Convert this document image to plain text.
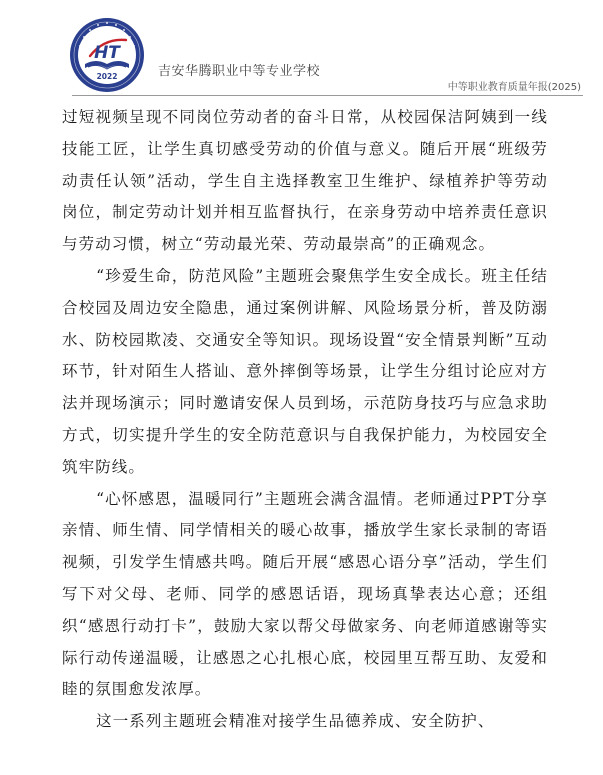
HT
2022	吉安华腾职业中等专业学校
中等职业教育质量年报(2025)

过短视频呈现不同岗位劳动者的奋斗日常，从校园保洁阿姨到一线技能工匠，让学生真切感受劳动的价值与意义。随后开展“班级劳动责任认领”活动，学生自主选择教室卫生维护、绿植养护等劳动岗位，制定劳动计划并相互监督执行，在亲身劳动中培养责任意识与劳动习惯，树立“劳动最光荣、劳动最崇高”的正确观念。

“珍爱生命，防范风险”主题班会聚焦学生安全成长。班主任结合校园及周边安全隐患，通过案例讲解、风险场景分析，普及防溺水、防校园欺凌、交通安全等知识。现场设置“安全情景判断”互动环节，针对陌生人搭讪、意外摔倒等场景，让学生分组讨论应对方法并现场演示；同时邀请安保人员到场，示范防身技巧与应急求助方式，切实提升学生的安全防范意识与自我保护能力，为校园安全筑牢防线。

“心怀感恩，温暖同行”主题班会满含温情。老师通过PPT分享亲情、师生情、同学情相关的暖心故事，播放学生家长录制的寄语视频，引发学生情感共鸣。随后开展“感恩心语分享”活动，学生们写下对父母、老师、同学的感恩话语，现场真挚表达心意；还组织“感恩行动打卡”，鼓励大家以帮父母做家务、向老师道感谢等实际行动传递温暖，让感恩之心扎根心底，校园里互帮互助、友爱和睦的氛围愈发浓厚。

这一系列主题班会精准对接学生品德养成、安全防护、
